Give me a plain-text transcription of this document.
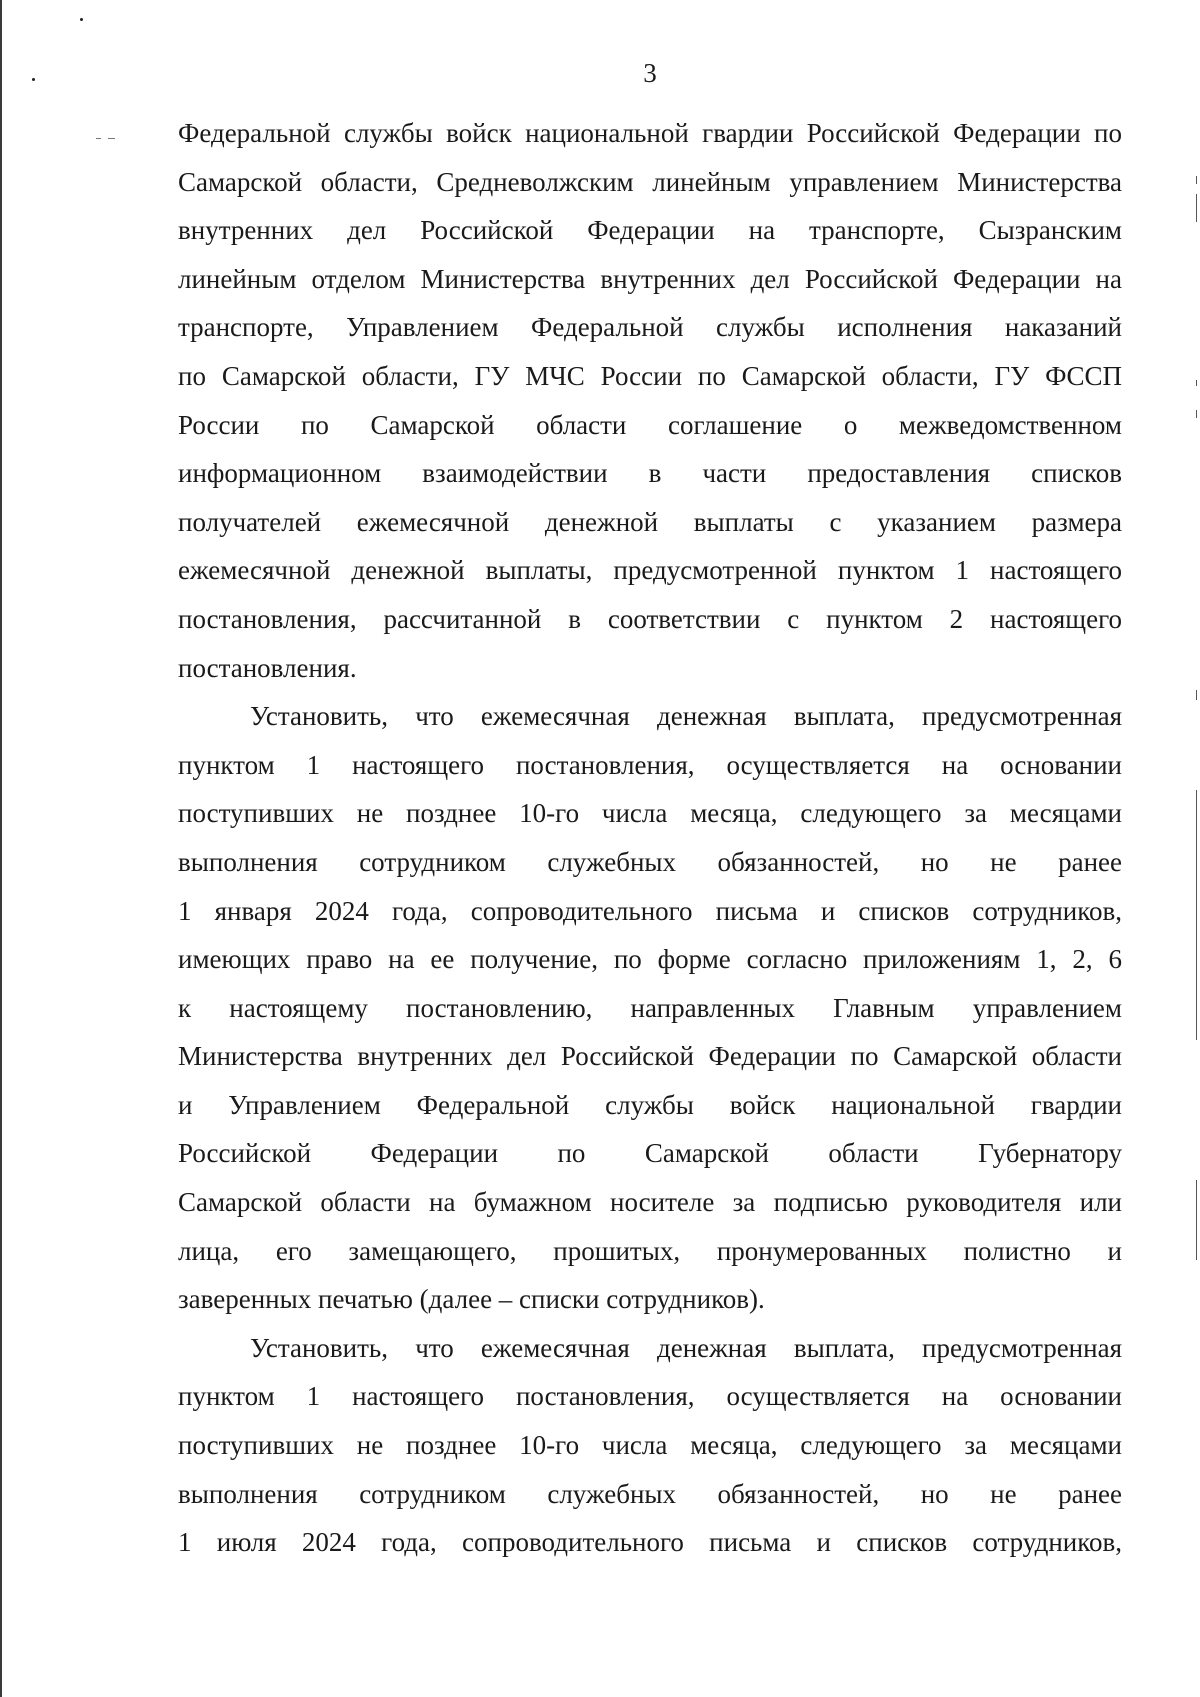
3

Федеральной службы войск национальной гвардии Российской Федерации по

Самарской области, Средневолжским линейным управлением Министерства

внутренних дел Российской Федерации на транспорте, Сызранским

линейным отделом Министерства внутренних дел Российской Федерации на

транспорте, Управлением Федеральной службы исполнения наказаний

по Самарской области, ГУ МЧС России по Самарской области, ГУ ФССП

России по Самарской области соглашение о межведомственном

информационном взаимодействии в части предоставления списков

получателей ежемесячной денежной выплаты с указанием размера

ежемесячной денежной выплаты, предусмотренной пунктом 1 настоящего

постановления, рассчитанной в соответствии с пунктом 2 настоящего

постановления.

Установить, что ежемесячная денежная выплата, предусмотренная

пунктом 1 настоящего постановления, осуществляется на основании

поступивших не позднее 10-го числа месяца, следующего за месяцами

выполнения сотрудником служебных обязанностей, но не ранее

1 января 2024 года, сопроводительного письма и списков сотрудников,

имеющих право на ее получение, по форме согласно приложениям 1, 2, 6

к настоящему постановлению, направленных Главным управлением

Министерства внутренних дел Российской Федерации по Самарской области

и Управлением Федеральной службы войск национальной гвардии

Российской Федерации по Самарской области Губернатору

Самарской области на бумажном носителе за подписью руководителя или

лица, его замещающего, прошитых, пронумерованных полистно и

заверенных печатью (далее – списки сотрудников).

Установить, что ежемесячная денежная выплата, предусмотренная

пунктом 1 настоящего постановления, осуществляется на основании

поступивших не позднее 10-го числа месяца, следующего за месяцами

выполнения сотрудником служебных обязанностей, но не ранее

1 июля 2024 года, сопроводительного письма и списков сотрудников,
